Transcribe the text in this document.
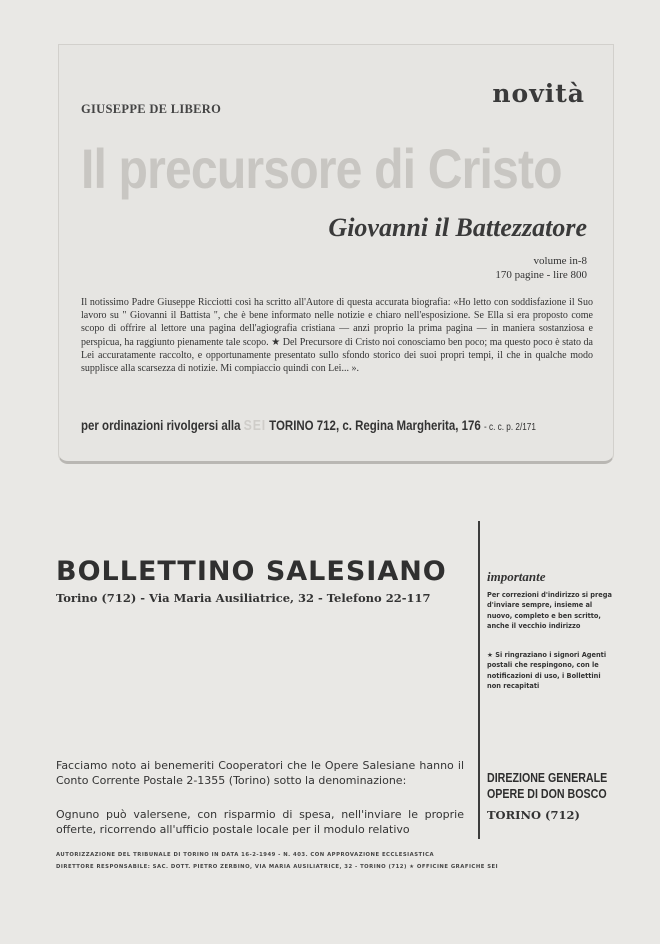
novità
GIUSEPPE DE LIBERO
Il precursore di Cristo
Giovanni il Battezzatore
volume in-8
170 pagine - lire 800
Il notissimo Padre Giuseppe Ricciotti così ha scritto all'Autore di questa accurata biografia: «Ho letto con soddisfazione il Suo lavoro su " Giovanni il Battista ", che è bene informato nelle notizie e chiaro nell'esposizione. Se Ella si era proposto come scopo di offrire al lettore una pagina dell'agiografia cristiana — anzi proprio la prima pagina — in maniera sostanziosa e perspicua, ha raggiunto pienamente tale scopo. ★ Del Precursore di Cristo noi conosciamo ben poco; ma questo poco è stato da Lei accuratamente raccolto, e opportunamente presentato sullo sfondo storico dei suoi propri tempi, il che in qualche modo supplisce alla scarsezza di notizie. Mi compiaccio quindi con Lei... ».
per ordinazioni rivolgersi alla SEI TORINO 712, c. Regina Margherita, 176 - c. c. p. 2/171
BOLLETTINO SALESIANO
Torino (712) - Via Maria Ausiliatrice, 32 - Telefono 22-117
importante
Per correzioni d'indirizzo si prega d'inviare sempre, insieme al nuovo, completo e ben scritto, anche il vecchio indirizzo
★ Si ringraziano i signori Agenti postali che respingono, con le notificazioni di uso, i Bollettini non recapitati
Facciamo noto ai benemeriti Cooperatori che le Opere Salesiane hanno il Conto Corrente Postale 2-1355 (Torino) sotto la denominazione:
Ognuno può valersene, con risparmio di spesa, nell'inviare le proprie offerte, ricorrendo all'ufficio postale locale per il modulo relativo
DIREZIONE GENERALE
OPERE DI DON BOSCO
TORINO (712)
AUTORIZZAZIONE DEL TRIBUNALE DI TORINO IN DATA 16-2-1949 - N. 403. CON APPROVAZIONE ECCLESIASTICA
DIRETTORE RESPONSABILE: SAC. DOTT. PIETRO ZERBINO, VIA MARIA AUSILIATRICE, 32 - TORINO (712) ★ OFFICINE GRAFICHE SEI
